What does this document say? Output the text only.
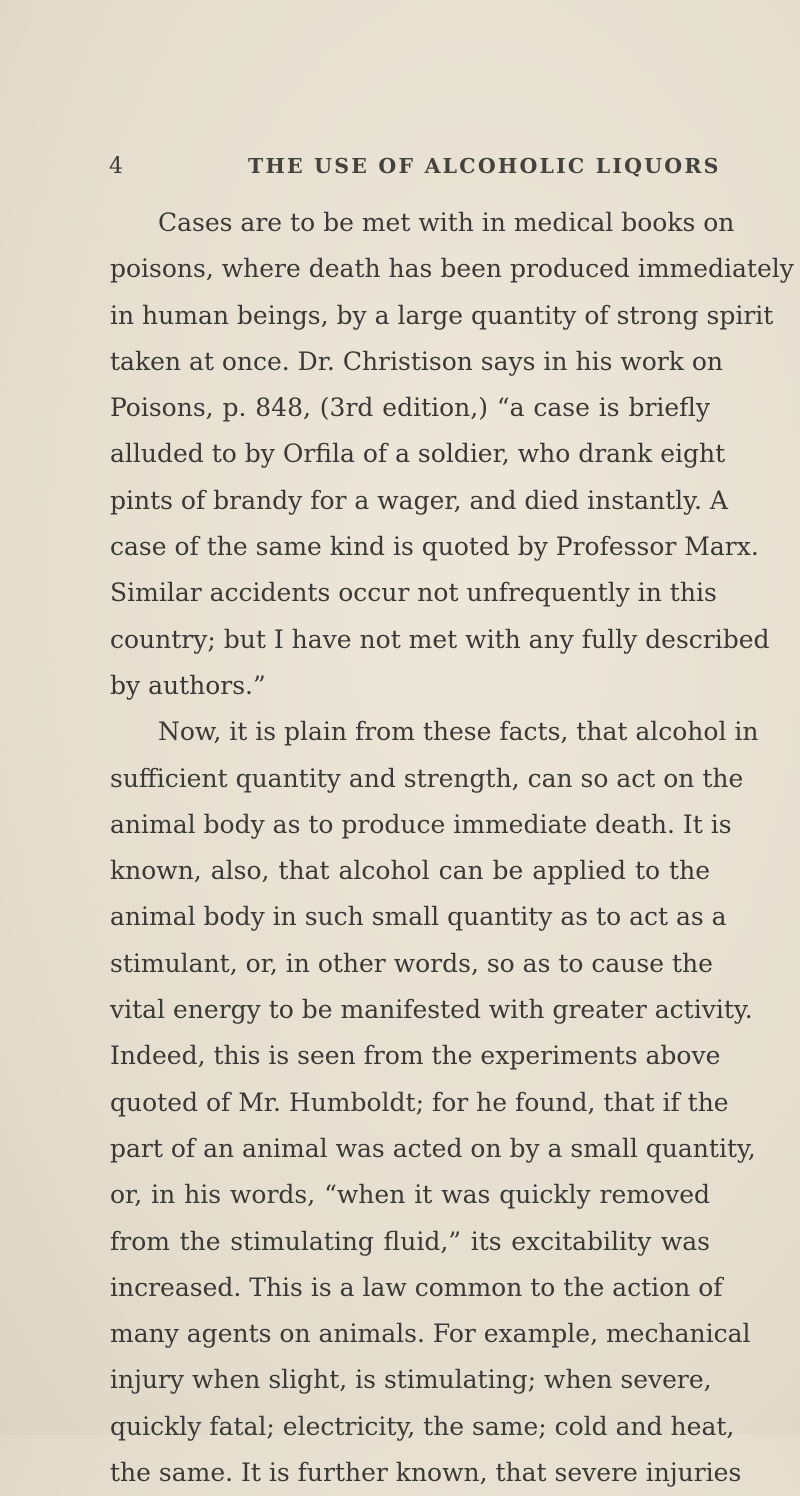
4	THE USE OF ALCOHOLIC LIQUORS
Cases are to be met with in medical books on
poisons, where death has been produced immediately
in human beings, by a large quantity of strong spirit
taken at once. Dr. Christison says in his work on
Poisons, p. 848, (3rd edition,) “a case is briefly
alluded to by Orfila of a soldier, who drank eight
pints of brandy for a wager, and died instantly. A
case of the same kind is quoted by Professor Marx.
Similar accidents occur not unfrequently in this
country; but I have not met with any fully described
by authors.”
Now, it is plain from these facts, that alcohol in
sufficient quantity and strength, can so act on the
animal body as to produce immediate death. It is
known, also, that alcohol can be applied to the
animal body in such small quantity as to act as a
stimulant, or, in other words, so as to cause the
vital energy to be manifested with greater activity.
Indeed, this is seen from the experiments above
quoted of Mr. Humboldt; for he found, that if the
part of an animal was acted on by a small quantity,
or, in his words, “when it was quickly removed
from the stimulating fluid,” its excitability was
increased. This is a law common to the action of
many agents on animals. For example, mechanical
injury when slight, is stimulating; when severe,
quickly fatal; electricity, the same; cold and heat,
the same. It is further known, that severe injuries
